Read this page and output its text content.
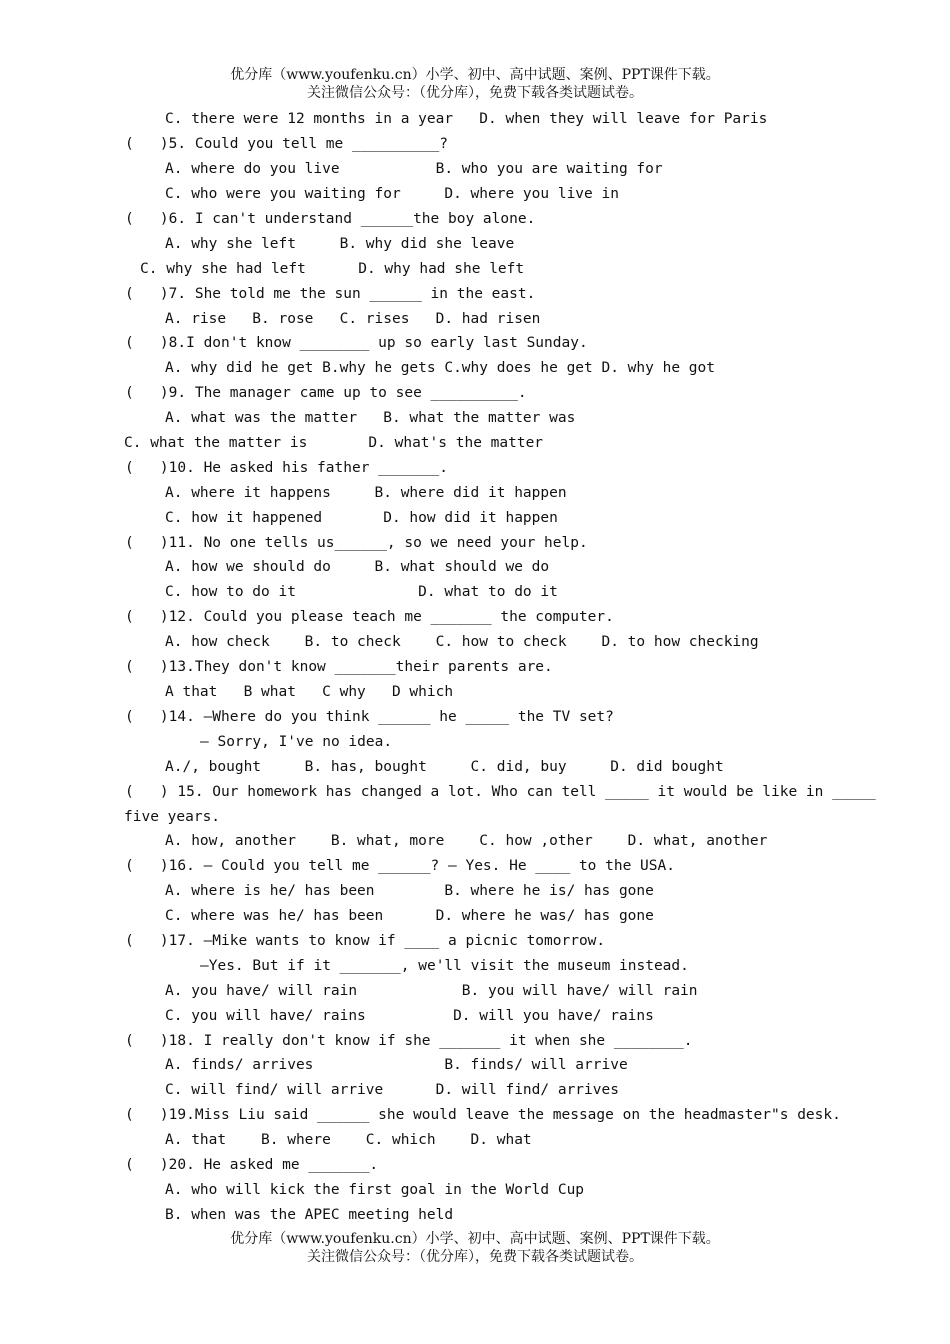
优分库（www.youfenku.cn）小学、初中、高中试题、案例、PPT课件下载。
关注微信公众号：（优分库），免费下载各类试题试卷。
C. there were 12 months in a year   D. when they will leave for Paris
(   )5. Could you tell me __________?
A. where do you live           B. who you are waiting for
C. who were you waiting for     D. where you live in
(   )6. I can't understand ______the boy alone.
A. why she left     B. why did she leave
C. why she had left      D. why had she left
(   )7. She told me the sun ______ in the east.
A. rise   B. rose   C. rises   D. had risen
(   )8.I don't know ________ up so early last Sunday.
A. why did he get B.why he gets C.why does he get D. why he got
(   )9. The manager came up to see __________.
A. what was the matter   B. what the matter was
C. what the matter is       D. what's the matter
(   )10. He asked his father _______.
A. where it happens     B. where did it happen
C. how it happened       D. how did it happen
(   )11. No one tells us______, so we need your help.
A. how we should do     B. what should we do
C. how to do it              D. what to do it
(   )12. Could you please teach me _______ the computer.
A. how check    B. to check    C. how to check    D. to how checking
(   )13.They don't know _______their parents are.
A that   B what   C why   D which
(   )14. —Where do you think ______ he _____ the TV set?
— Sorry, I've no idea.
A./, bought     B. has, bought     C. did, buy     D. did bought
(   ) 15. Our homework has changed a lot. Who can tell _____ it would be like in _____
five years.
A. how, another    B. what, more    C. how ,other    D. what, another
(   )16. — Could you tell me ______? — Yes. He ____ to the USA.
A. where is he/ has been        B. where he is/ has gone
C. where was he/ has been      D. where he was/ has gone
(   )17. —Mike wants to know if ____ a picnic tomorrow.
—Yes. But if it _______, we'll visit the museum instead.
A. you have/ will rain            B. you will have/ will rain
C. you will have/ rains          D. will you have/ rains
(   )18. I really don't know if she _______ it when she ________.
A. finds/ arrives               B. finds/ will arrive
C. will find/ will arrive      D. will find/ arrives
(   )19.Miss Liu said ______ she would leave the message on the headmaster"s desk.
A. that    B. where    C. which    D. what
(   )20. He asked me _______.
A. who will kick the first goal in the World Cup
B. when was the APEC meeting held
优分库（www.youfenku.cn）小学、初中、高中试题、案例、PPT课件下载。
关注微信公众号：（优分库），免费下载各类试题试卷。
